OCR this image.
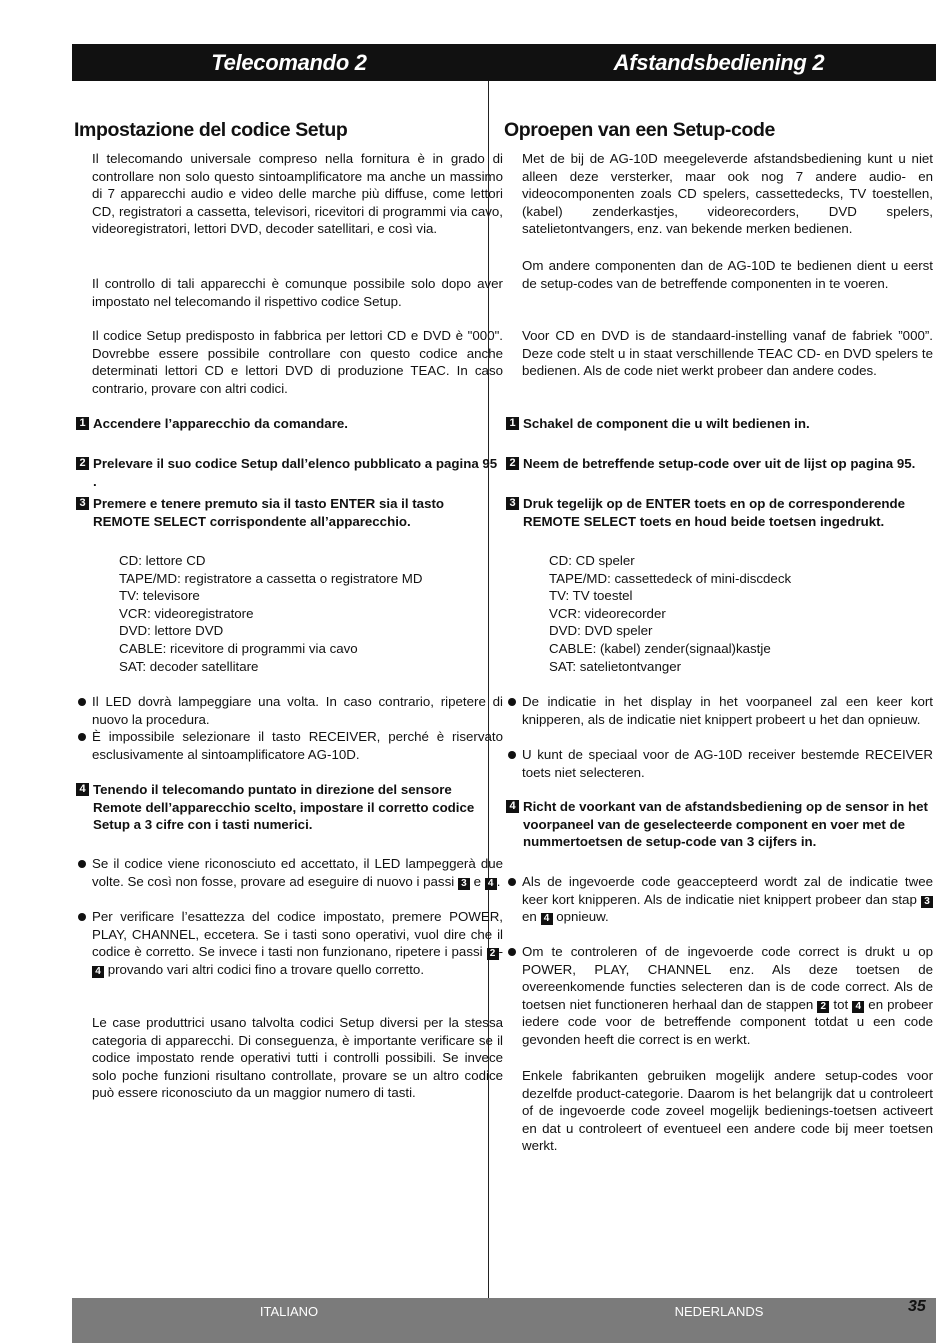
Telecomando 2
Impostazione del codice Setup

Il telecomando universale compreso nella fornitura è in grado di controllare non solo questo sintoamplificatore ma anche un massimo di 7 apparecchi audio e video delle marche più diffuse, come lettori CD, registratori a cassetta, televisori, ricevitori di programmi via cavo, videoregistratori, lettori DVD, decoder satellitari, e così via.

Il controllo di tali apparecchi è comunque possibile solo dopo aver impostato nel telecomando il rispettivo codice Setup.

Il codice Setup predisposto in fabbrica per lettori CD e DVD è "000". Dovrebbe essere possibile controllare con questo codice anche determinati lettori CD e lettori DVD di produzione TEAC. In caso contrario, provare con altri codici.

1 Accendere l’apparecchio da comandare.
2 Prelevare il suo codice Setup dall’elenco pubblicato a pagina 95 .
3 Premere e tenere premuto sia il tasto ENTER sia il tasto REMOTE SELECT corrispondente all’apparecchio.
CD: lettore CD
TAPE/MD: registratore a cassetta o registratore MD
TV: televisore
VCR: videoregistratore
DVD: lettore DVD
CABLE: ricevitore di programmi via cavo
SAT: decoder satellitare
Il LED dovrà lampeggiare una volta. In caso contrario, ripetere di nuovo la procedura.
È impossibile selezionare il tasto RECEIVER, perché è riservato esclusivamente al sintoamplificatore AG-10D.
4 Tenendo il telecomando puntato in direzione del sensore Remote dell’apparecchio scelto, impostare il corretto codice Setup a 3 cifre con i tasti numerici.
Se il codice viene riconosciuto ed accettato, il LED lampeggerà due volte. Se così non fosse, provare ad eseguire di nuovo i passi 3 e 4 .
Per verificare l’esattezza del codice impostato, premere POWER, PLAY, CHANNEL, eccetera. Se i tasti sono operativi, vuol dire che il codice è corretto. Se invece i tasti non funzionano, ripetere i passi 2 -4 provando vari altri codici fino a trovare quello corretto.

Le case produttrici usano talvolta codici Setup diversi per la stessa categoria di apparecchi. Di conseguenza, è importante verificare se il codice impostato rende operativi tutti i controlli possibili. Se invece solo poche funzioni risultano controllate, provare se un altro codice può essere riconosciuto da un maggior numero di tasti.

ITALIANO
Afstandsbediening 2
Oproepen van een Setup-code

Met de bij de AG-10D meegeleverde afstandsbediening kunt u niet alleen deze versterker, maar ook nog 7 andere audio- en videocomponenten zoals CD spelers, cassettedecks, TV toestellen, (kabel) zenderkastjes, videorecorders, DVD spelers, satelietontvangers, enz. van bekende merken bedienen.

Om andere componenten dan de AG-10D te bedienen dient u eerst de setup-codes van de betreffende componenten in te voeren.

Voor CD en DVD is de standaard-instelling vanaf de fabriek ”000”. Deze code stelt u in staat verschillende TEAC CD- en DVD spelers te bedienen. Als de code niet werkt probeer dan andere codes.

1 Schakel de component die u wilt bedienen in.
2 Neem de betreffende setup-code over uit de lijst op pagina 95.
3 Druk tegelijk op de ENTER toets en op de corresponderende REMOTE SELECT toets en houd beide toetsen ingedrukt.
CD: CD speler
TAPE/MD: cassettedeck of mini-discdeck
TV: TV toestel
VCR: videorecorder
DVD: DVD speler
CABLE: (kabel) zender(signaal)kastje
SAT: satelietontvanger
De indicatie in het display in het voorpaneel zal een keer kort knipperen, als de indicatie niet knippert probeert u het dan opnieuw.
U kunt de speciaal voor de AG-10D receiver bestemde RECEIVER toets niet selecteren.
4 Richt de voorkant van de afstandsbediening op de sensor in het voorpaneel van de geselecteerde component en voer met de nummertoetsen de setup-code van 3 cijfers in.
Als de ingevoerde code geaccepteerd wordt zal de indicatie twee keer kort knipperen. Als de indicatie niet knippert probeer dan stap 3 en 4 opnieuw.
Om te controleren of de ingevoerde code correct is drukt u op POWER, PLAY, CHANNEL enz. Als deze toetsen de overeenkomende functies selecteren dan is de code correct. Als de toetsen niet functioneren herhaal dan de stappen 2 tot 4 en probeer iedere code voor de betreffende component totdat u een code gevonden heeft die correct is en werkt.

Enkele fabrikanten gebruiken mogelijk andere setup-codes voor dezelfde product-categorie. Daarom is het belangrijk dat u controleert of de ingevoerde code zoveel mogelijk bedienings-toetsen activeert en dat u controleert of eventueel een andere code bij meer toetsen werkt.

NEDERLANDS	35
